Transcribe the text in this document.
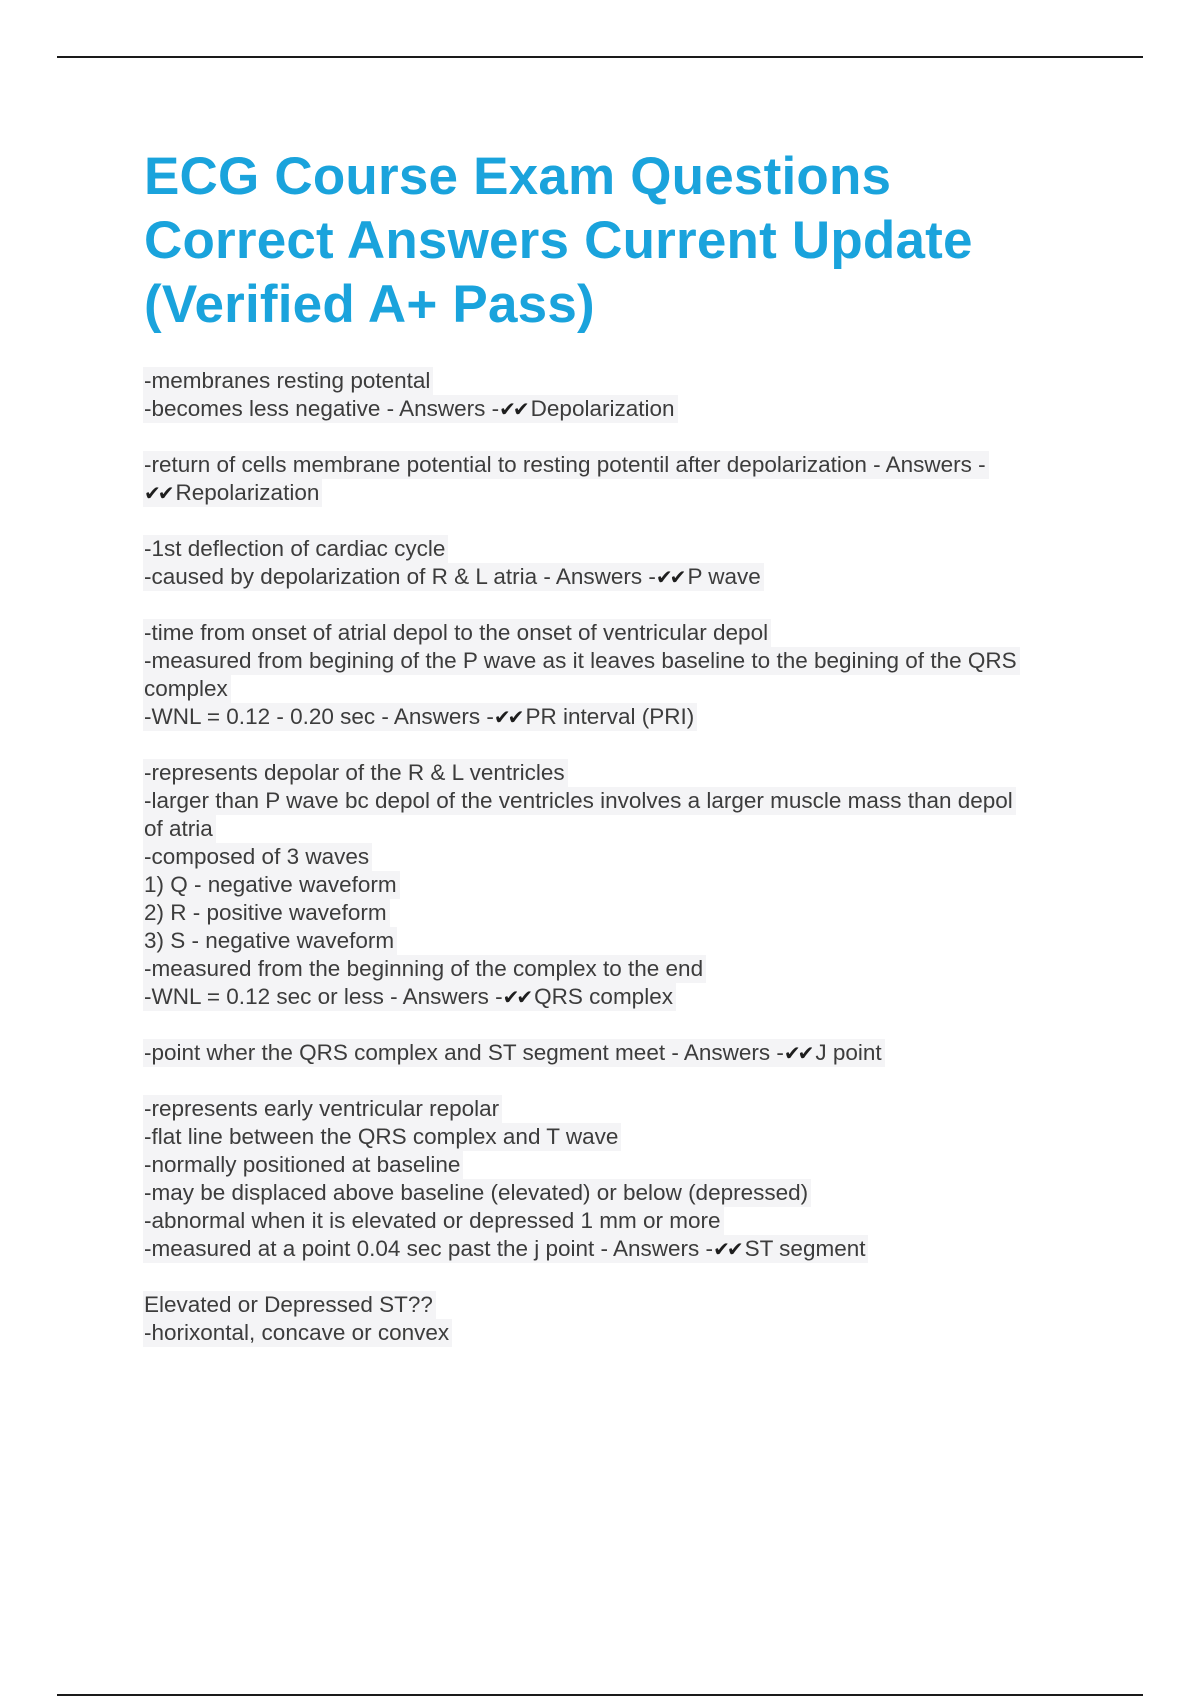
ECG Course Exam Questions
Correct Answers Current Update
(Verified A+ Pass)
-membranes resting potental
-becomes less negative - Answers -✔✔ Depolarization
-return of cells membrane potential to resting potentil after depolarization - Answers -
✔✔ Repolarization
-1st deflection of cardiac cycle
-caused by depolarization of R & L atria - Answers -✔✔ P wave
-time from onset of atrial depol to the onset of ventricular depol
-measured from begining of the P wave as it leaves baseline to the begining of the QRS
complex
-WNL = 0.12 - 0.20 sec - Answers -✔✔ PR interval (PRI)
-represents depolar of the R & L ventricles
-larger than P wave bc depol of the ventricles involves a larger muscle mass than depol
of atria
-composed of 3 waves
1) Q - negative waveform
2) R - positive waveform
3) S - negative waveform
-measured from the beginning of the complex to the end
-WNL = 0.12 sec or less - Answers -✔✔ QRS complex
-point wher the QRS complex and ST segment meet - Answers -✔✔ J point
-represents early ventricular repolar
-flat line between the QRS complex and T wave
-normally positioned at baseline
-may be displaced above baseline (elevated) or below (depressed)
-abnormal when it is elevated or depressed 1 mm or more
-measured at a point 0.04 sec past the j point - Answers -✔✔ ST segment
Elevated or Depressed ST??
-horixontal, concave or convex
